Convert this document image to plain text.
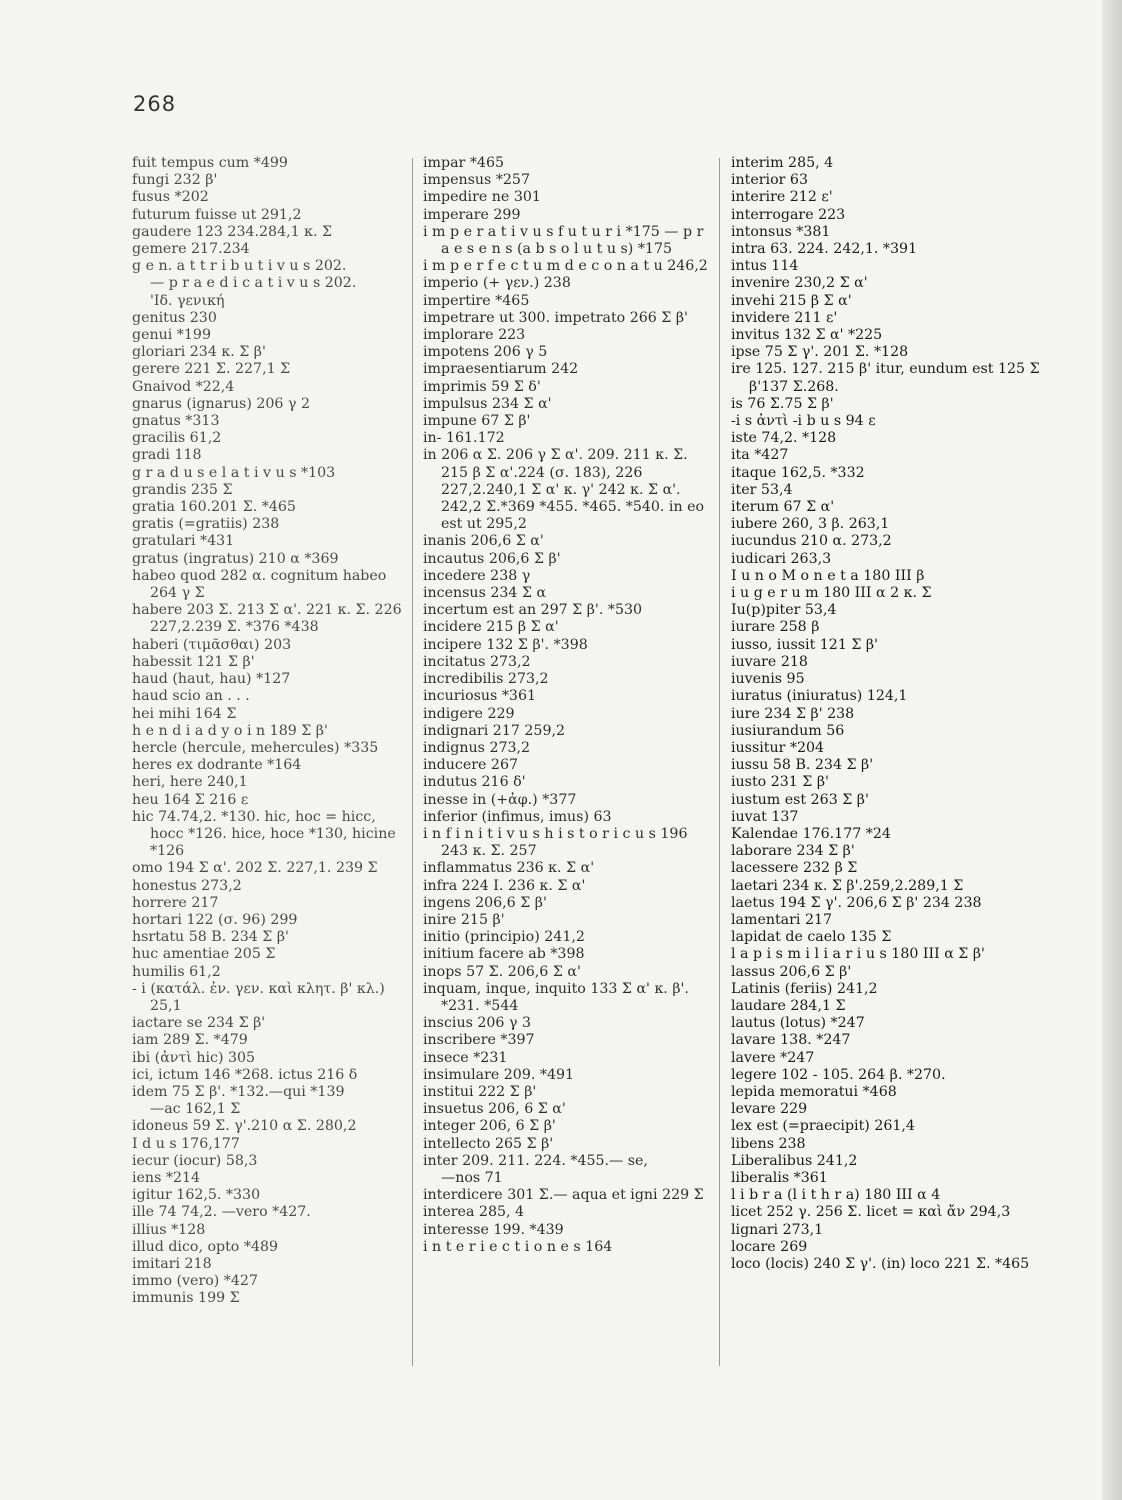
268
fuit tempus cum *499
fungi 232 β'
fusus *202
futurum fuisse ut 291,2
gaudere 123 234.284,1 κ. Σ
gemere 217.234
g e n. a t t r i b u t i v u s 202.
— p r a e d i c a t i v u s 202.
'Ιδ. γενική
genitus 230
genui *199
gloriari 234 κ. Σ β'
gerere 221 Σ. 227,1 Σ
Gnaivod *22,4
gnarus (ignarus) 206 γ 2
gnatus *313
gracilis 61,2
gradi 118
g r a d u s e l a t i v u s *103
grandis 235 Σ
gratia 160.201 Σ. *465
gratis (=gratiis) 238
gratulari *431
gratus (ingratus) 210 α *369
habeo quod 282 α. cognitum habeo 264 γ Σ
habere 203 Σ. 213 Σ α'. 221 κ. Σ. 226 227,2.239 Σ. *376 *438
haberi (τιμᾶσθαι) 203
habessit 121 Σ β'
haud (haut, hau) *127
haud scio an . . .
hei mihi 164 Σ
h e n d i a d y o i n 189 Σ β'
hercle (hercule, mehercules) *335
heres ex dodrante *164
heri, here 240,1
heu 164 Σ 216 ε
hic 74.74,2. *130. hic, hoc = hicc, hocc *126. hice, hoce *130, hicine *126
omo 194 Σ α'. 202 Σ. 227,1. 239 Σ
honestus 273,2
horrere 217
hortari 122 (σ. 96) 299
hsrtatu 58 Β. 234 Σ β'
huc amentiae 205 Σ
humilis 61,2
- i (κατάλ. ἐν. γεν. καὶ κλητ. β' κλ.) 25,1
iactare se 234 Σ β'
iam 289 Σ. *479
ibi (ἀντὶ hic) 305
ici, ictum 146 *268. ictus 216 δ
idem 75 Σ β'. *132.—qui *139
—ac 162,1 Σ
idoneus 59 Σ. γ'.210 α Σ. 280,2
I d u s 176,177
iecur (iocur) 58,3
iens *214
igitur 162,5. *330
ille 74 74,2. —vero *427.
illius *128
illud dico, opto *489
imitari 218
immo (vero) *427
immunis 199 Σ
impar *465
impensus *257
impedire ne 301
imperare 299
i m p e r a t i v u s f u t u r i *175 — p r a e s e n s (a b s o l u t u s) *175
i m p e r f e c t u m d e c o n a t u 246,2
imperio (+ γεν.) 238
impertire *465
impetrare ut 300. impetrato 266 Σ β'
implorare 223
impotens 206 γ 5
impraesentiarum 242
imprimis 59 Σ δ'
impulsus 234 Σ α'
impune 67 Σ β'
in- 161.172
in 206 α Σ. 206 γ Σ α'. 209. 211 κ. Σ. 215 β Σ α'.224 (σ. 183), 226 227,2.240,1 Σ α' κ. γ' 242 κ. Σ α'. 242,2 Σ.*369 *455. *465. *540. in eo est ut 295,2
inanis 206,6 Σ α'
incautus 206,6 Σ β'
incedere 238 γ
incensus 234 Σ α
incertum est an 297 Σ β'. *530
incidere 215 β Σ α'
incipere 132 Σ β'. *398
incitatus 273,2
incredibilis 273,2
incuriosus *361
indigere 229
indignari 217 259,2
indignus 273,2
inducere 267
indutus 216 δ'
inesse in (+ἀφ.) *377
inferior (infimus, imus) 63
i n f i n i t i v u s h i s t o r i c u s 196 243 κ. Σ. 257
inflammatus 236 κ. Σ α'
infra 224 I. 236 κ. Σ α'
ingens 206,6 Σ β'
inire 215 β'
initio (principio) 241,2
initium facere ab *398
inops 57 Σ. 206,6 Σ α'
inquam, inque, inquito 133 Σ α' κ. β'. *231. *544
inscius 206 γ 3
inscribere *397
insece *231
insimulare 209. *491
institui 222 Σ β'
insuetus 206, 6 Σ α'
integer 206, 6 Σ β'
intellecto 265 Σ β'
inter 209. 211. 224. *455.— se,
—nos 71
interdicere 301 Σ.— aqua et igni 229 Σ
interea 285, 4
interesse 199. *439
i n t e r i e c t i o n e s 164
interim 285, 4
interior 63
interire 212 ε'
interrogare 223
intonsus *381
intra 63. 224. 242,1. *391
intus 114
invenire 230,2 Σ α'
invehi 215 β Σ α'
invidere 211 ε'
invitus 132 Σ α' *225
ipse 75 Σ γ'. 201 Σ. *128
ire 125. 127. 215 β' itur, eundum est 125 Σ β'137 Σ.268.
is 76 Σ.75 Σ β'
-i s ἀντὶ -i b u s 94 ε
iste 74,2. *128
ita *427
itaque 162,5. *332
iter 53,4
iterum 67 Σ α'
iubere 260, 3 β. 263,1
iucundus 210 α. 273,2
iudicari 263,3
I u n o M o n e t a 180 III β
i u g e r u m 180 III α 2 κ. Σ
Iu(p)piter 53,4
iurare 258 β
iusso, iussit 121 Σ β'
iuvare 218
iuvenis 95
iuratus (iniuratus) 124,1
iure 234 Σ β' 238
iusiurandum 56
iussitur *204
iussu 58 Β. 234 Σ β'
iusto 231 Σ β'
iustum est 263 Σ β'
iuvat 137
Kalendae 176.177 *24
laborare 234 Σ β'
lacessere 232 β Σ
laetari 234 κ. Σ β'.259,2.289,1 Σ
laetus 194 Σ γ'. 206,6 Σ β' 234 238
lamentari 217
lapidat de caelo 135 Σ
l a p i s m i l i a r i u s 180 III α Σ β'
lassus 206,6 Σ β'
Latinis (feriis) 241,2
laudare 284,1 Σ
lautus (lotus) *247
lavare 138. *247
lavere *247
legere 102 - 105. 264 β. *270.
lepida memoratui *468
levare 229
lex est (=praecipit) 261,4
libens 238
Liberalibus 241,2
liberalis *361
l i b r a (l i t h r a) 180 III α 4
licet 252 γ. 256 Σ. licet = καὶ ἄν 294,3
lignari 273,1
locare 269
loco (locis) 240 Σ γ'. (in) loco 221 Σ. *465
